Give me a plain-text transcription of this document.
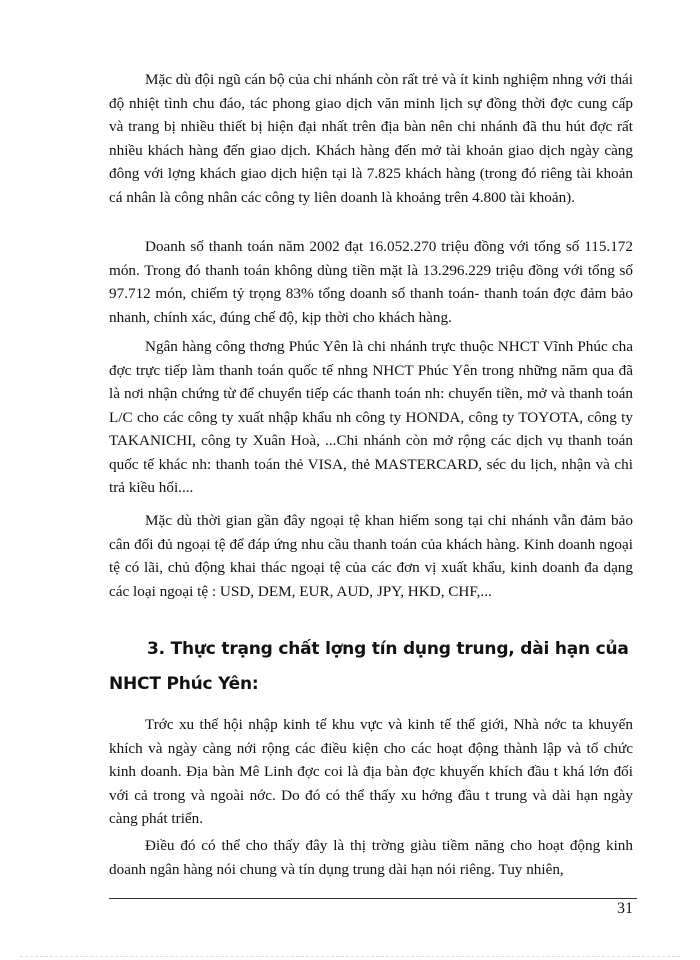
Mặc dù đội ngũ cán bộ của chi nhánh còn rất trẻ và ít kinh nghiệm nhng với thái độ nhiệt tình chu đáo, tác phong giao dịch văn minh lịch sự đồng thời đợc cung cấp và trang bị nhiều thiết bị hiện đại nhất trên địa bàn nên chi nhánh đã thu hút đợc rất nhiều khách hàng đến giao dịch. Khách hàng đến mở tài khoản giao dịch ngày càng đông với lợng khách giao dịch hiện tại là 7.825 khách hàng (trong đó riêng tài khoản cá nhân là công nhân các công ty liên doanh là khoảng trên 4.800 tài khoản).

Doanh số thanh toán năm 2002 đạt 16.052.270 triệu đồng với tổng số 115.172 món. Trong đó thanh toán không dùng tiền mặt là 13.296.229 triệu đồng với tổng số 97.712 món, chiếm tỷ trọng 83% tổng doanh số thanh toán- thanh toán đợc đảm bảo nhanh, chính xác, đúng chế độ, kịp thời cho khách hàng.

Ngân hàng công thơng Phúc Yên là chi nhánh trực thuộc NHCT Vĩnh Phúc cha đợc trực tiếp làm thanh toán quốc tế nhng NHCT Phúc Yên trong những năm qua đã là nơi nhận chứng từ để chuyển tiếp các thanh toán nh: chuyển tiền, mở và thanh toán L/C cho các công ty xuất nhập khẩu nh công ty HONDA, công ty TOYOTA, công ty TAKANICHI, công ty Xuân Hoà, ...Chi nhánh còn mở rộng các dịch vụ thanh toán quốc tế khác nh: thanh toán thẻ VISA, thẻ MASTERCARD, séc du lịch, nhận và chi trả kiều hối....

Mặc dù thời gian gần đây ngoại tệ khan hiếm song tại chi nhánh vẫn đảm bảo cân đối đủ ngoại tệ để đáp ứng nhu cầu thanh toán của khách hàng. Kinh doanh ngoại tệ có lãi, chủ động khai thác ngoại tệ của các đơn vị xuất khẩu, kinh doanh đa dạng các loại ngoại tệ : USD, DEM, EUR, AUD, JPY, HKD, CHF,...

3. Thực trạng chất lợng tín dụng trung, dài hạn của NHCT Phúc Yên:

Trớc xu thế hội nhập kinh tế khu vực và kinh tế thế giới, Nhà nớc ta khuyến khích và ngày càng nới rộng các điều kiện cho các hoạt động thành lập và tổ chức kinh doanh. Địa bàn Mê Linh đợc coi là địa bàn đợc khuyến khích đầu t khá lớn đối với cả trong và ngoài nớc. Do đó có thể thấy xu hớng đầu t trung và dài hạn ngày càng phát triển.

Điều đó có thể cho thấy đây là thị trờng giàu tiềm năng cho hoạt động kinh doanh ngân hàng nói chung và tín dụng trung dài hạn nói riêng. Tuy nhiên,

31
